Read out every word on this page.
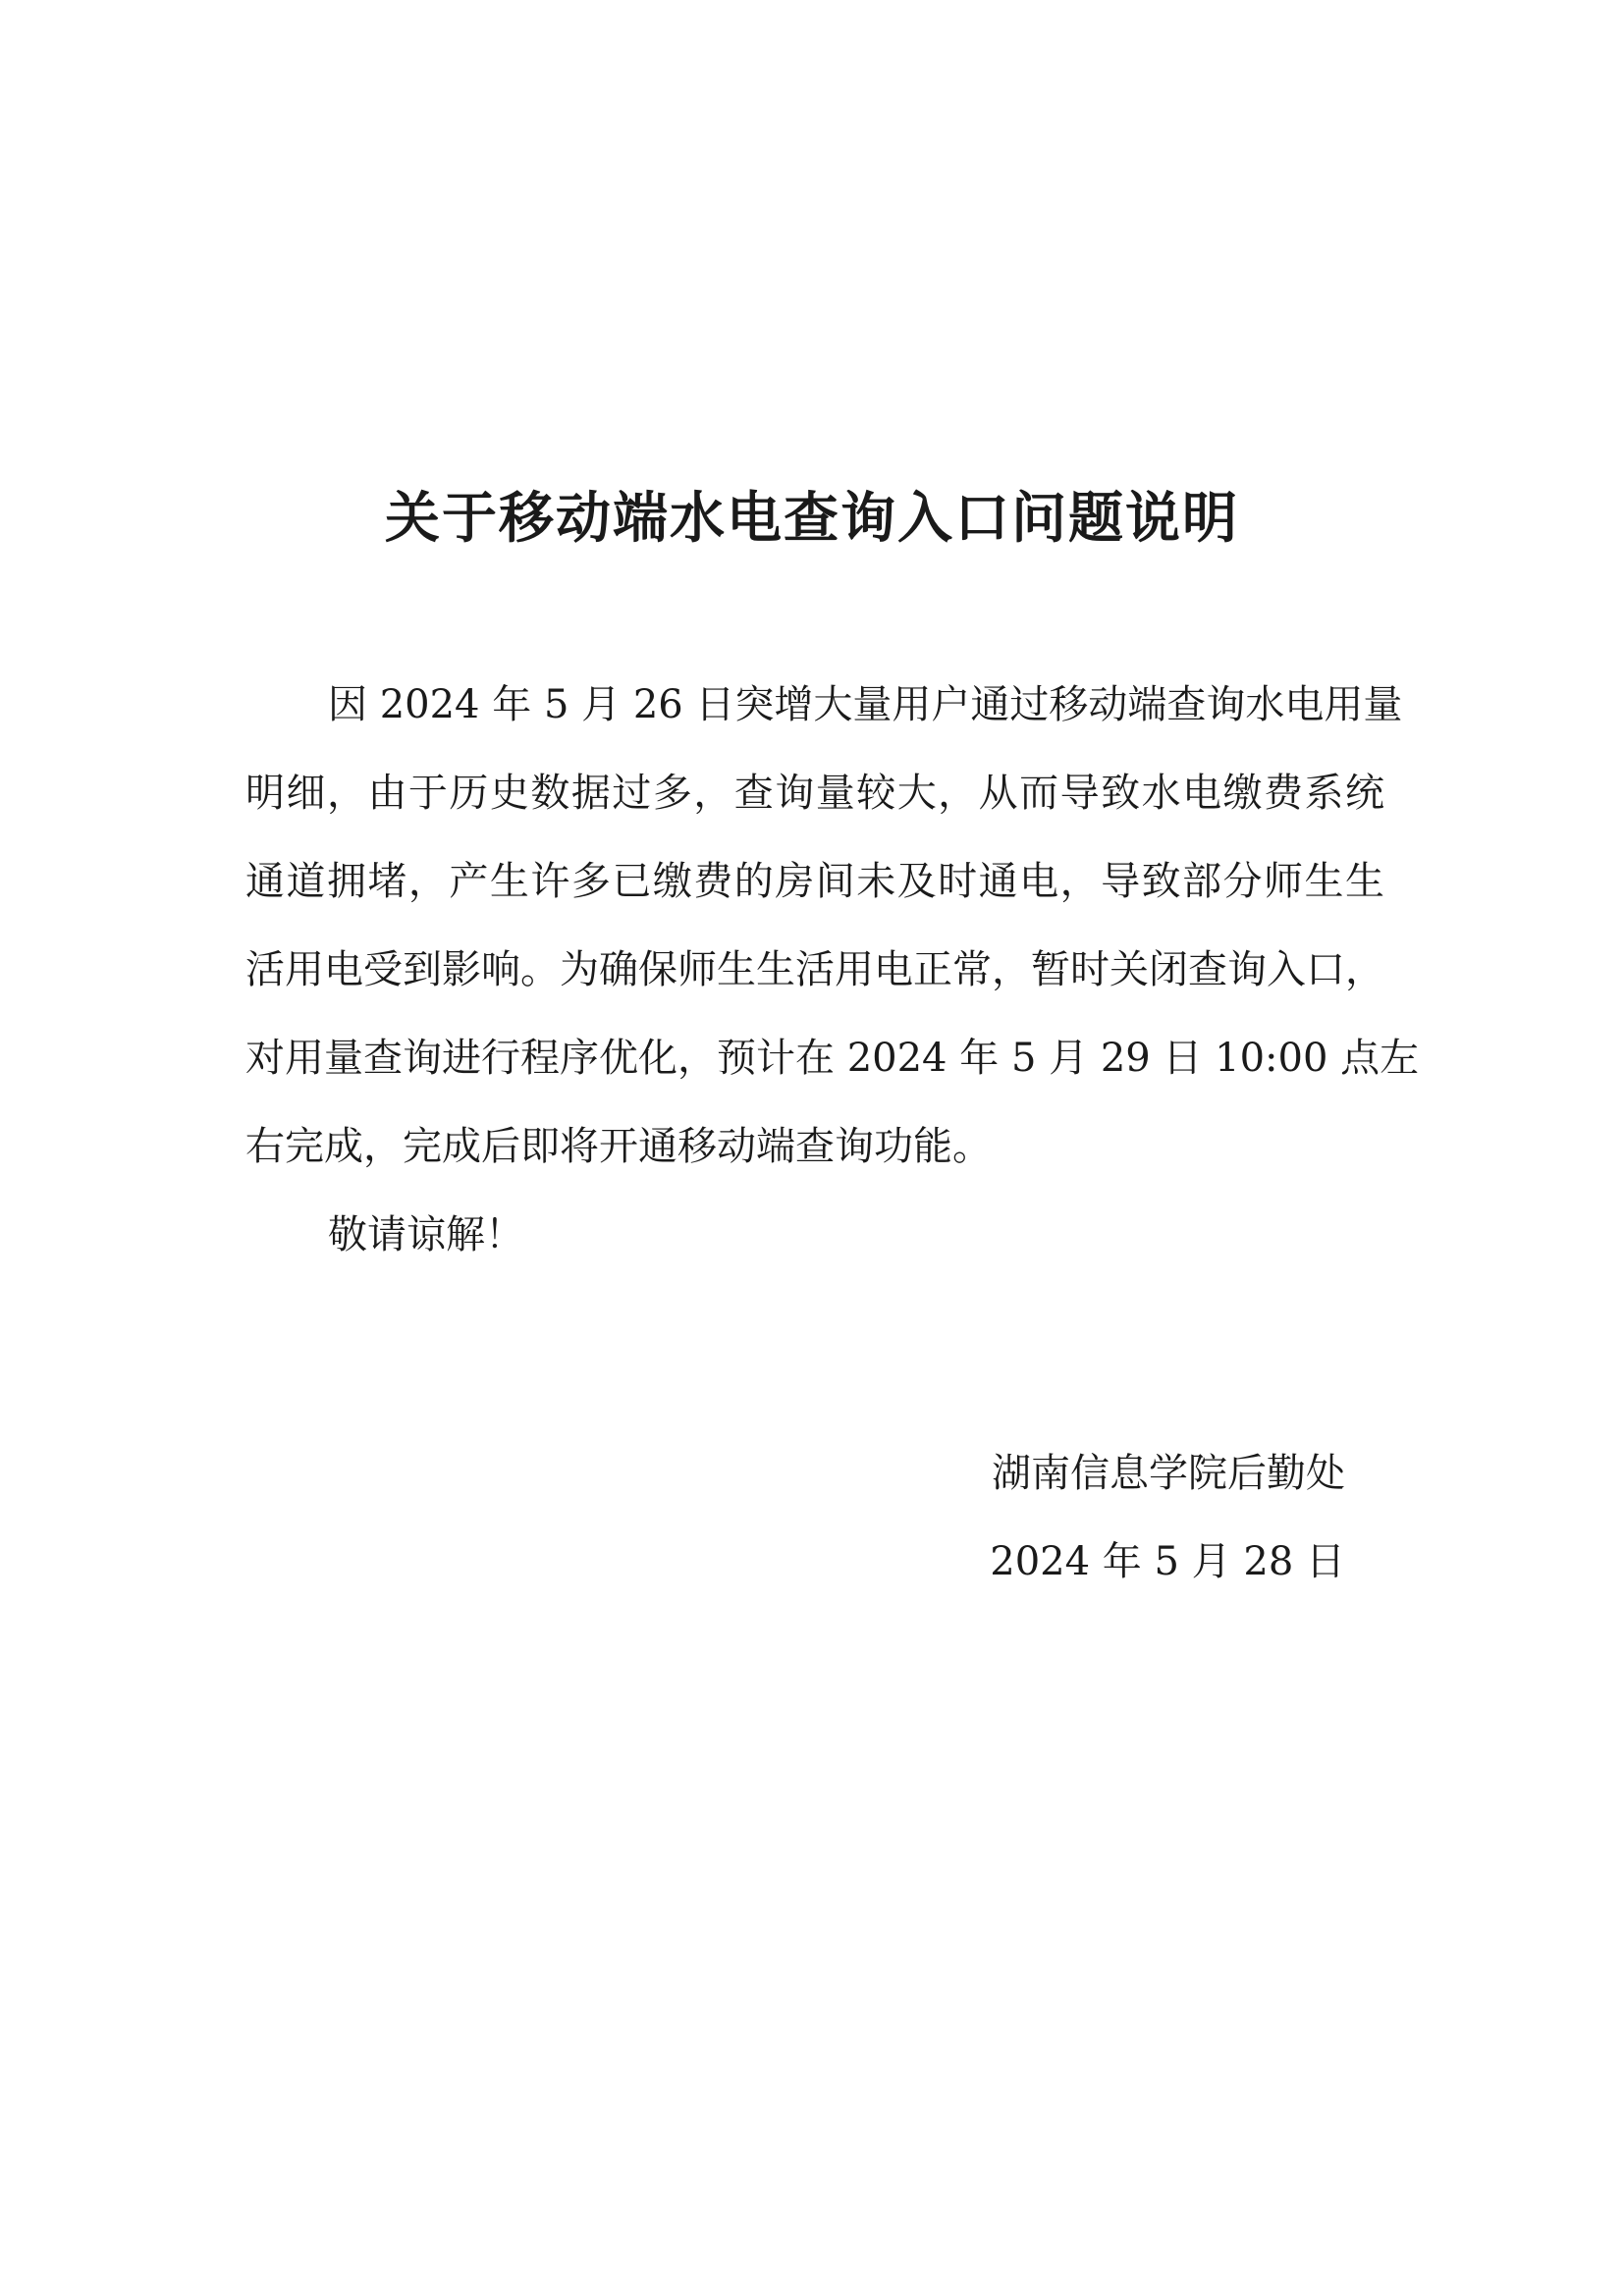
关于移动端水电查询入口问题说明
因 2024 年 5 月 26 日突增大量用户通过移动端查询水电用量
明细，由于历史数据过多，查询量较大，从而导致水电缴费系统
通道拥堵，产生许多已缴费的房间未及时通电，导致部分师生生
活用电受到影响。为确保师生生活用电正常，暂时关闭查询入口，
对用量查询进行程序优化，预计在 2024 年 5 月 29 日 10:00 点左
右完成，完成后即将开通移动端查询功能。
敬请谅解！
湖南信息学院后勤处
2024 年 5 月 28 日
